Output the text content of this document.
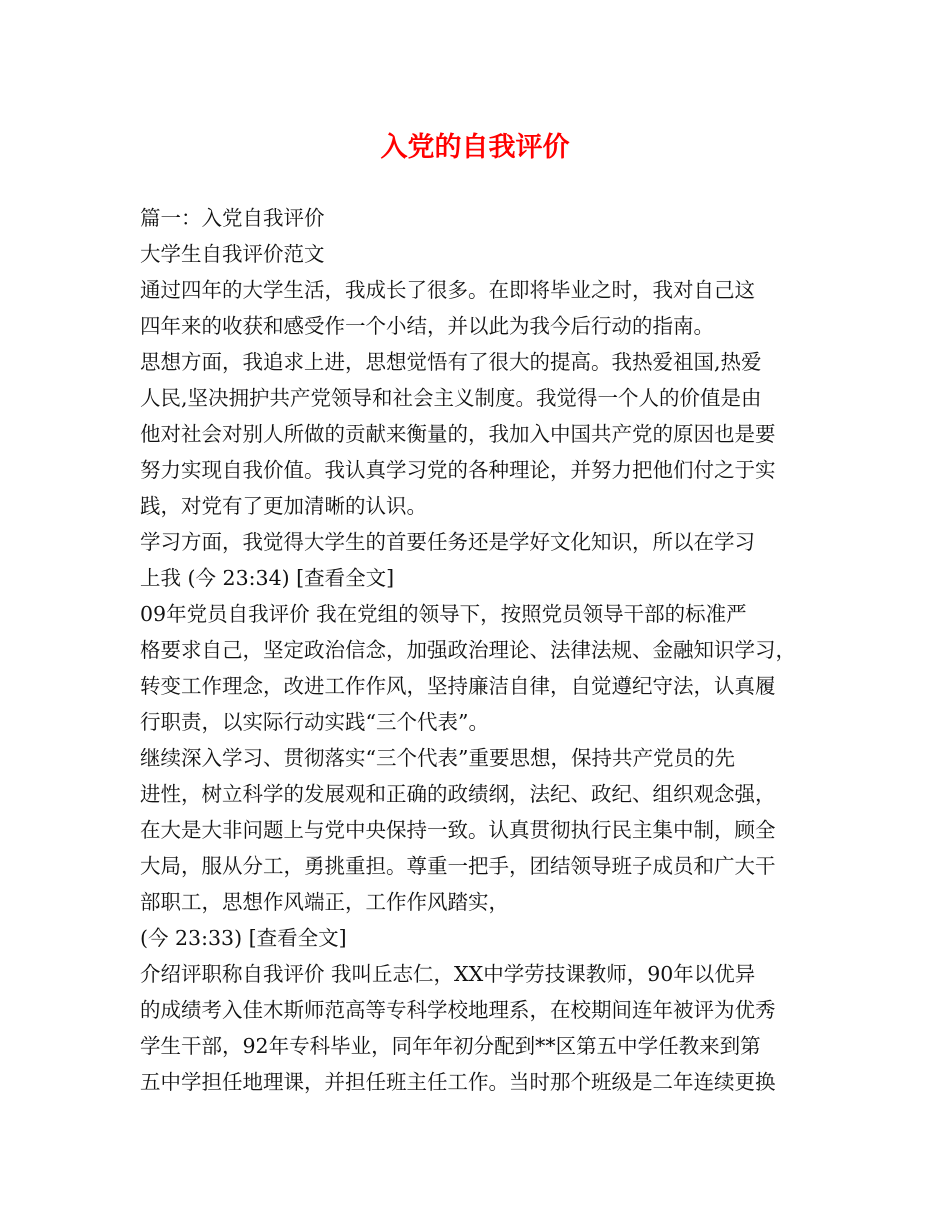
入党的自我评价
篇一：入党自我评价
大学生自我评价范文
通过四年的大学生活，我成长了很多。在即将毕业之时，我对自己这
四年来的收获和感受作一个小结，并以此为我今后行动的指南。
思想方面，我追求上进，思想觉悟有了很大的提高。我热爱祖国,热爱
人民,坚决拥护共产党领导和社会主义制度。我觉得一个人的价值是由
他对社会对别人所做的贡献来衡量的，我加入中国共产党的原因也是要
努力实现自我价值。我认真学习党的各种理论，并努力把他们付之于实
践，对党有了更加清晰的认识。
学习方面，我觉得大学生的首要任务还是学好文化知识，所以在学习
上我 (今 23:34) [查看全文]
09年党员自我评价 我在党组的领导下，按照党员领导干部的标准严
格要求自己，坚定政治信念，加强政治理论、法律法规、金融知识学习，
转变工作理念，改进工作作风，坚持廉洁自律，自觉遵纪守法，认真履
行职责，以实际行动实践“三个代表”。
继续深入学习、贯彻落实“三个代表”重要思想，保持共产党员的先
进性，树立科学的发展观和正确的政绩纲，法纪、政纪、组织观念强，
在大是大非问题上与党中央保持一致。认真贯彻执行民主集中制，顾全
大局，服从分工，勇挑重担。尊重一把手，团结领导班子成员和广大干
部职工，思想作风端正，工作作风踏实，
(今 23:33) [查看全文]
介绍评职称自我评价 我叫丘志仁，XX中学劳技课教师，90年以优异
的成绩考入佳木斯师范高等专科学校地理系，在校期间连年被评为优秀
学生干部，92年专科毕业，同年年初分配到**区第五中学任教来到第
五中学担任地理课，并担任班主任工作。当时那个班级是二年连续更换
